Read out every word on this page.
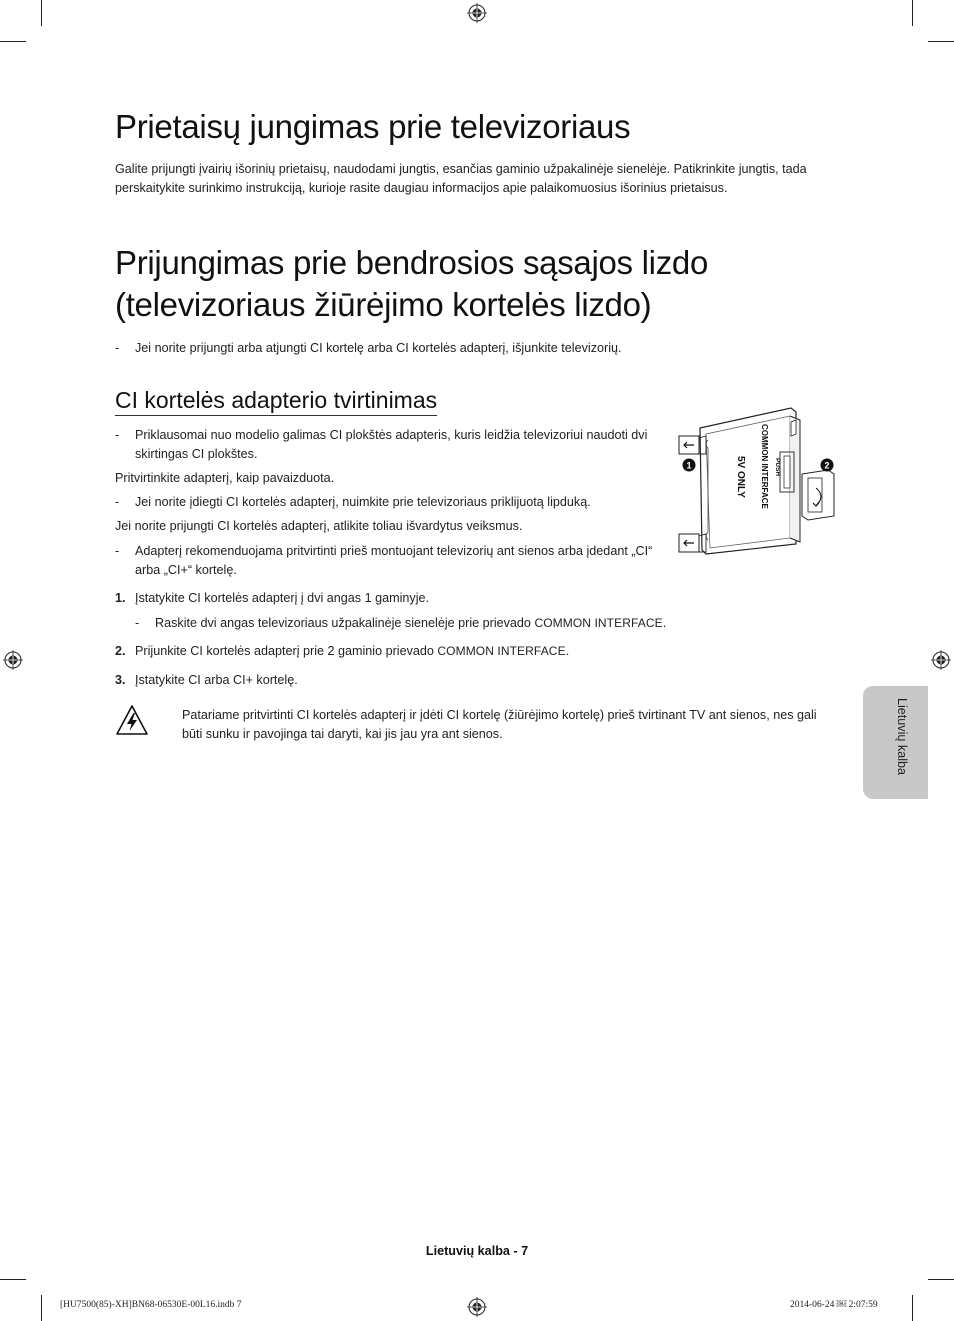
Prietaisų jungimas prie televizoriaus

Galite prijungti įvairių išorinių prietaisų, naudodami jungtis, esančias gaminio užpakalinėje sienelėje. Patikrinkite jungtis, tada perskaitykite surinkimo instrukciją, kurioje rasite daugiau informacijos apie palaikomuosius išorinius prietaisus.

Prijungimas prie bendrosios sąsajos lizdo (televizoriaus žiūrėjimo kortelės lizdo)
-	Jei norite prijungti arba atjungti CI kortelę arba CI kortelės adapterį, išjunkite televizorių.
CI kortelės adapterio tvirtinimas
-	Priklausomai nuo modelio galimas CI plokštės adapteris, kuris leidžia televizoriui naudoti dvi skirtingas CI plokštes.

Pritvirtinkite adapterį, kaip pavaizduota.

-	Jei norite įdiegti CI kortelės adapterį, nuimkite prie televizoriaus priklijuotą lipduką.

Jei norite prijungti CI kortelės adapterį, atlikite toliau išvardytus veiksmus.

-	Adapterį rekomenduojama pritvirtinti prieš montuojant televizorių ant sienos arba įdedant „CI“ arba „CI+“ kortelę.
1. Įstatykite CI kortelės adapterį į dvi angas 1 gaminyje.
-	Raskite dvi angas televizoriaus užpakalinėje sienelėje prie prievado COMMON INTERFACE.
2. Prijunkite CI kortelės adapterį prie 2 gaminio prievado COMMON INTERFACE.
3. Įstatykite CI arba CI+ kortelę.

Patariame pritvirtinti CI kortelės adapterį ir įdėti CI kortelę (žiūrėjimo kortelę) prieš tvirtinant TV ant sienos, nes gali būti sunku ir pavojinga tai daryti, kai jis jau yra ant sienos.

COMMON INTERFACE PUSH
5V ONLY
1	2
Lietuvių kalba
Lietuvių kalba - 7
[HU7500(85)-XH]BN68-06530E-00L16.indb 7	2014-06-24 ￼ 2:07:59
